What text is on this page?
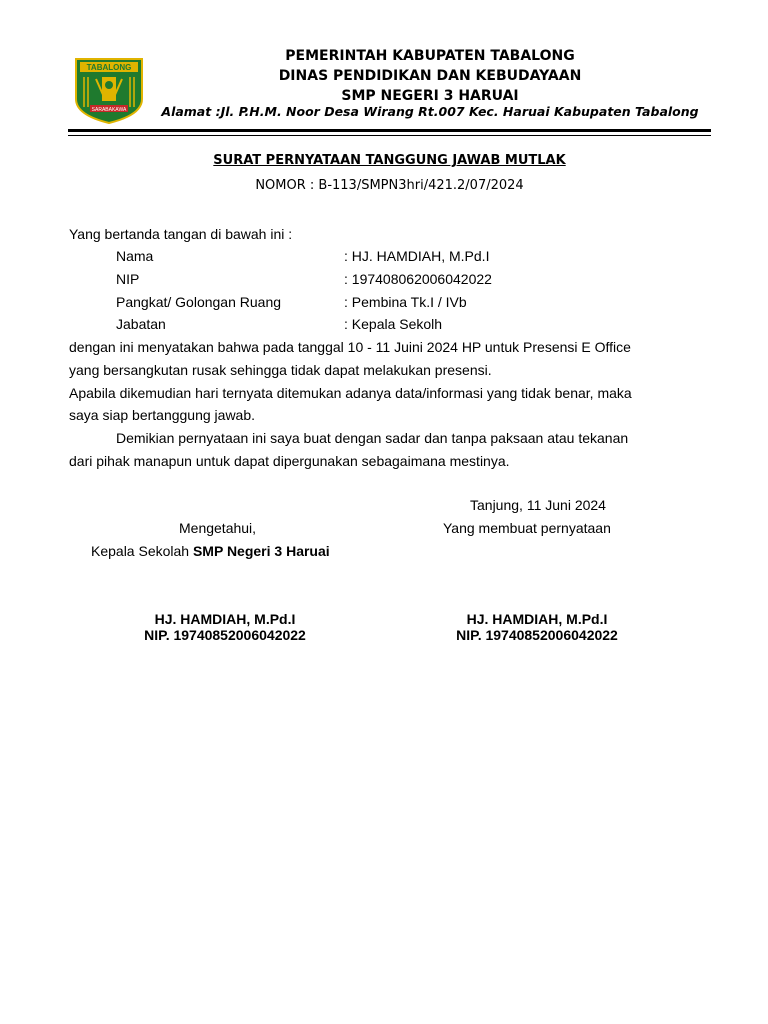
TABALONG
SARABAKAWA
PEMERINTAH KABUPATEN TABALONG
DINAS PENDIDIKAN DAN KEBUDAYAAN
SMP NEGERI 3 HARUAI
Alamat :Jl. P.H.M. Noor Desa Wirang Rt.007 Kec. Haruai Kabupaten Tabalong
SURAT PERNYATAAN TANGGUNG JAWAB MUTLAK
NOMOR : B-113/SMPN3hri/421.2/07/2024
Yang bertanda tangan di bawah ini :
Nama	: HJ. HAMDIAH, M.Pd.I
NIP	: 197408062006042022
Pangkat/ Golongan Ruang	: Pembina Tk.I / IVb
Jabatan	: Kepala Sekolh
dengan ini menyatakan bahwa pada tanggal 10 - 11 Juini 2024 HP untuk Presensi E Office
yang bersangkutan rusak sehingga tidak dapat melakukan presensi.
Apabila dikemudian hari ternyata ditemukan adanya data/informasi yang tidak benar, maka
saya siap bertanggung jawab.
Demikian pernyataan ini saya buat dengan sadar dan tanpa paksaan atau tekanan
dari pihak manapun untuk dapat dipergunakan sebagaimana mestinya.
Tanjung, 11 Juni 2024
Mengetahui,	Yang membuat pernyataan
Kepala Sekolah SMP Negeri 3 Haruai
HJ. HAMDIAH, M.Pd.I
NIP. 19740852006042022
HJ. HAMDIAH, M.Pd.I
NIP. 19740852006042022
